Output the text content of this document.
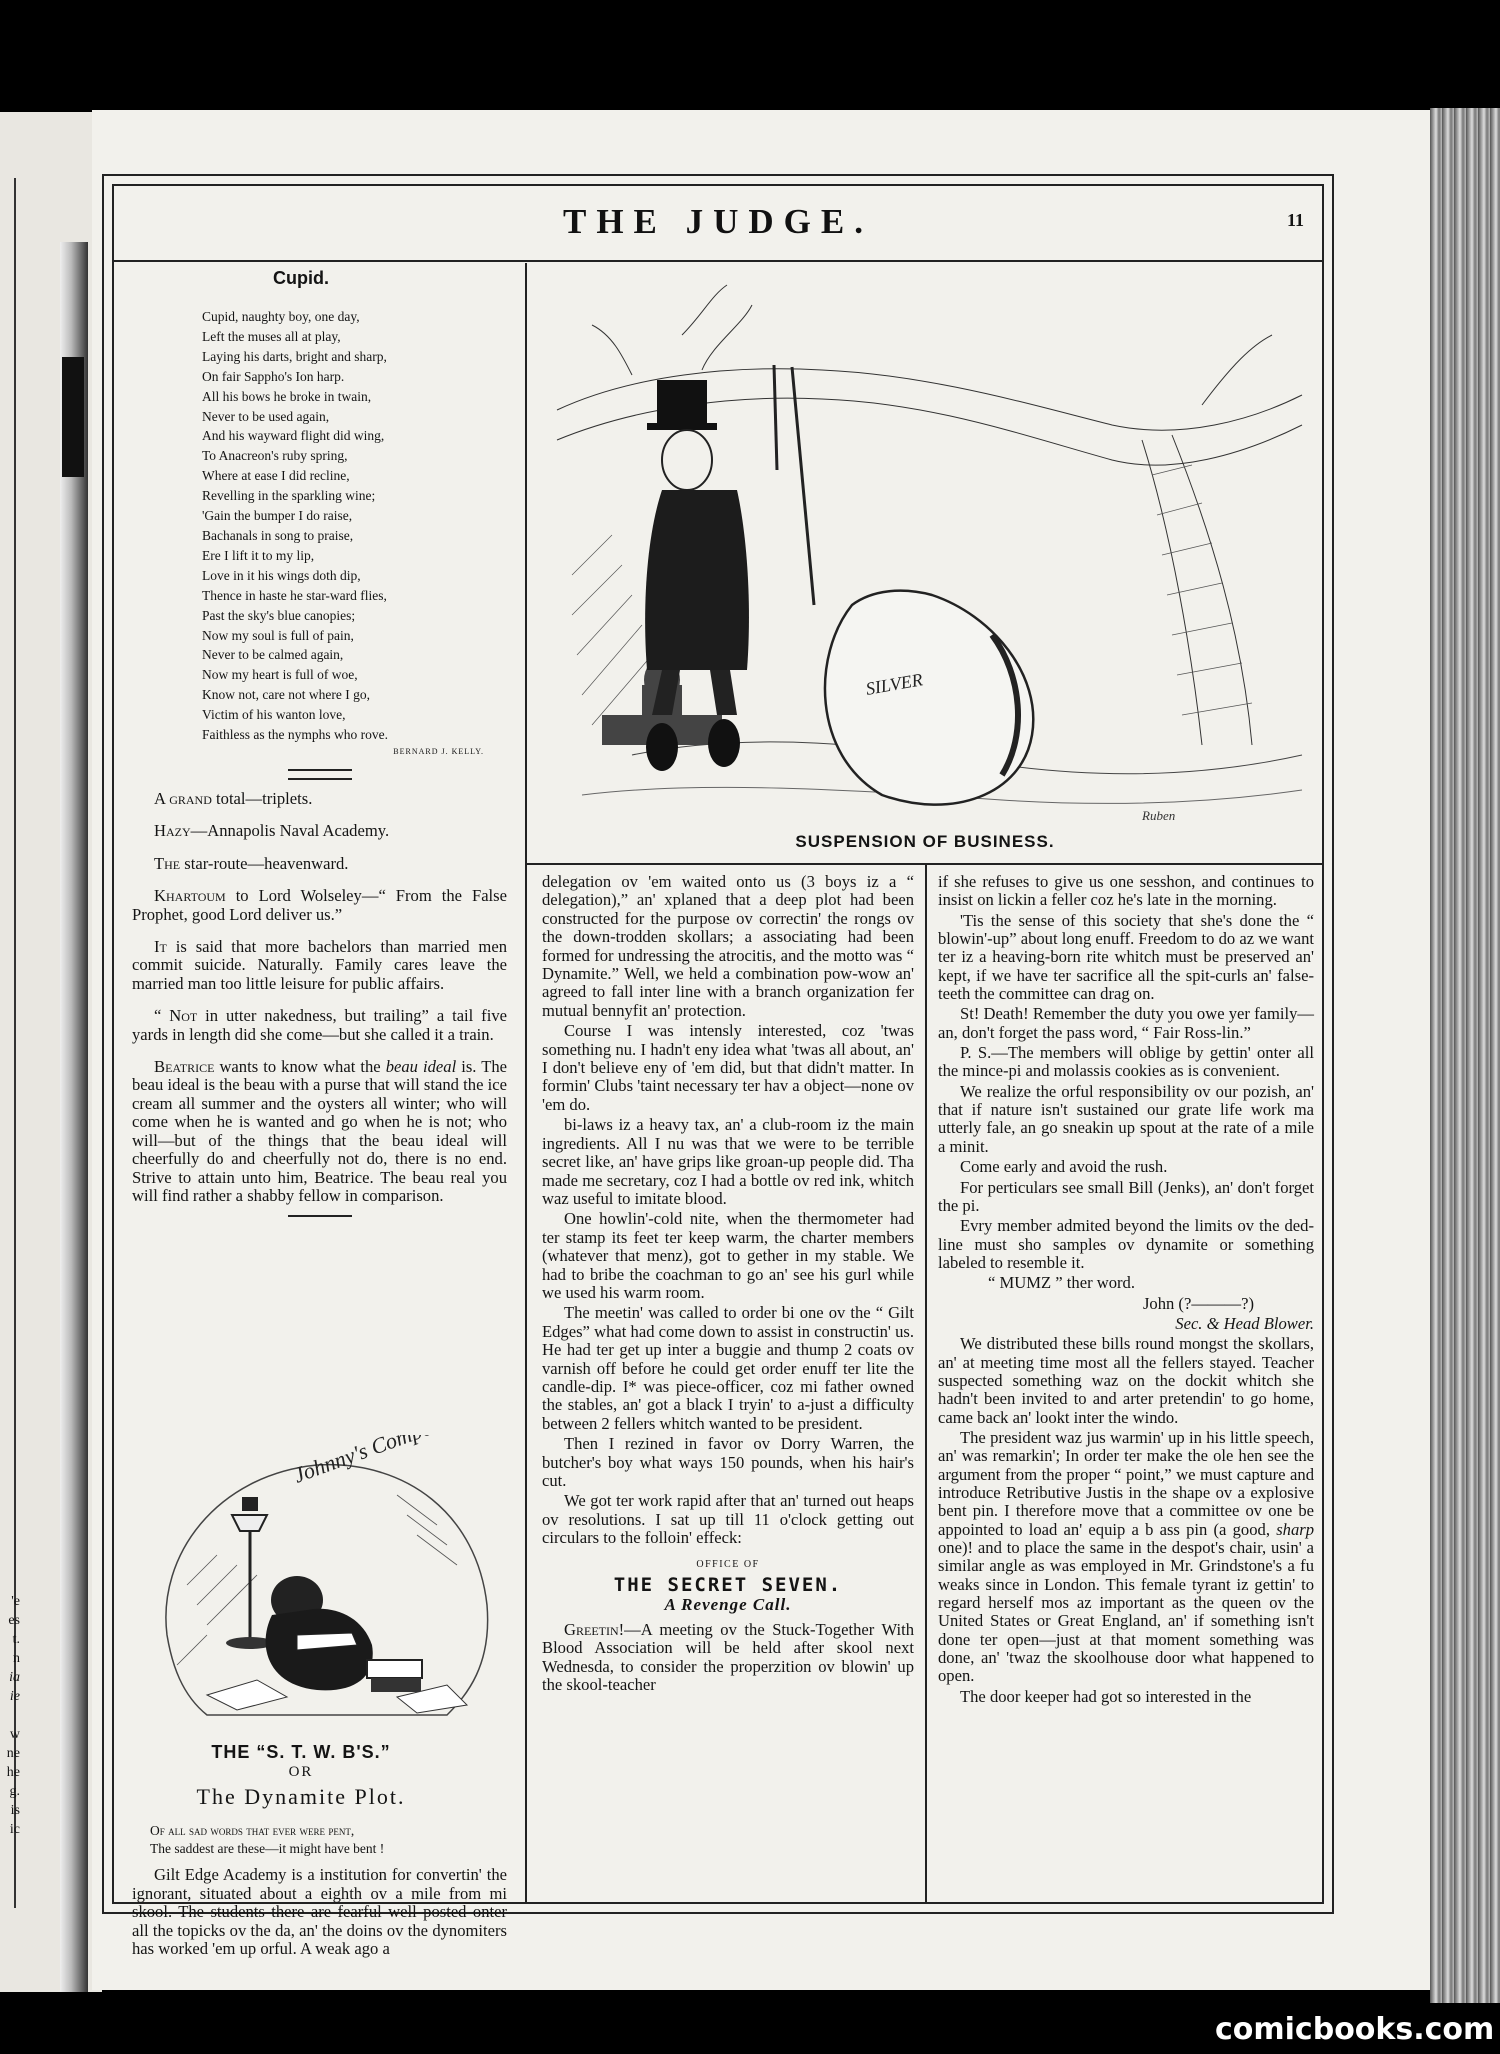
'e
es
t.
n
ia
ie

w
ne
he
g.
is
ic
THE JUDGE.	11
Cupid.
Cupid, naughty boy, one day,
Left the muses all at play,
Laying his darts, bright and sharp,
On fair Sappho's Ion harp.
All his bows he broke in twain,
Never to be used again,
And his wayward flight did wing,
To Anacreon's ruby spring,
Where at ease I did recline,
Revelling in the sparkling wine;
'Gain the bumper I do raise,
Bachanals in song to praise,
Ere I lift it to my lip,
Love in it his wings doth dip,
Thence in haste he star-ward flies,
Past the sky's blue canopies;
Now my soul is full of pain,
Never to be calmed again,
Now my heart is full of woe,
Know not, care not where I go,
Victim of his wanton love,
Faithless as the nymphs who rove.
BERNARD J. KELLY.

A grand total—triplets.

Hazy—Annapolis Naval Academy.

The star-route—heavenward.

Khartoum to Lord Wolseley—“ From the False Prophet, good Lord deliver us.”

It is said that more bachelors than married men commit suicide. Naturally. Family cares leave the married man too little leisure for public affairs.

“ Not in utter nakedness, but trailing” a tail five yards in length did she come—but she called it a train.

Beatrice wants to know what the beau ideal is. The beau ideal is the beau with a purse that will stand the ice cream all summer and the oysters all winter; who will come when he is wanted and go when he is not; who will—but of the things that the beau ideal will cheerfully do and cheerfully not do, there is no end. Strive to attain unto him, Beatrice. The beau real you will find rather a shabby fellow in comparison.

THE “S. T. W. B'S.”
OR
The Dynamite Plot.
Of all sad words that ever were pent,
The saddest are these—it might have bent !

Gilt Edge Academy is a institution for convertin' the ignorant, situated about a eighth ov a mile from mi skool. The students there are fearful well posted onter all the topicks ov the da, an' the doins ov the dynomiters has worked 'em up orful. A weak ago a

SILVER
Ruben
SUSPENSION OF BUSINESS.

delegation ov 'em waited onto us (3 boys iz a “ delegation),” an' xplaned that a deep plot had been constructed for the purpose ov correctin' the rongs ov the down-trodden skollars; a associating had been formed for undressing the atrocitis, and the motto was “ Dynamite.” Well, we held a combination pow-wow an' agreed to fall inter line with a branch organization fer mutual bennyfit an' protection.

Course I was intensly interested, coz 'twas something nu. I hadn't eny idea what 'twas all about, an' I don't believe eny of 'em did, but that didn't matter. In formin' Clubs 'taint necessary ter hav a object—none ov 'em do.

bi-laws iz a heavy tax, an' a club-room iz the main ingredients. All I nu was that we were to be terrible secret like, an' have grips like groan-up people did. Tha made me secretary, coz I had a bottle ov red ink, whitch waz useful to imitate blood.

One howlin'-cold nite, when the thermometer had ter stamp its feet ter keep warm, the charter members (whatever that menz), got to gether in my stable. We had to bribe the coachman to go an' see his gurl while we used his warm room.

The meetin' was called to order bi one ov the “ Gilt Edges” what had come down to assist in constructin' us. He had ter get up inter a buggie and thump 2 coats ov varnish off before he could get order enuff ter lite the candle-dip. I* was piece-officer, coz mi father owned the stables, an' got a black I tryin' to a-just a difficulty between 2 fellers whitch wanted to be president.

Then I rezined in favor ov Dorry Warren, the butcher's boy what ways 150 pounds, when his hair's cut.

We got ter work rapid after that an' turned out heaps ov resolutions. I sat up till 11 o'clock getting out circulars to the folloin' effeck:

OFFICE OF
THE SECRET SEVEN.
A Revenge Call.

Greetin!—A meeting ov the Stuck-Together With Blood Association will be held after skool next Wednesda, to consider the properzition ov blowin' up the skool-teacher

if she refuses to give us one sesshon, and continues to insist on lickin a feller coz he's late in the morning.

'Tis the sense of this society that she's done the “ blowin'-up” about long enuff. Freedom to do az we want ter iz a heaving-born rite whitch must be preserved an' kept, if we have ter sacrifice all the spit-curls an' false-teeth the committee can drag on.

St! Death! Remember the duty you owe yer family—an, don't forget the pass word, “ Fair Ross-lin.”

P. S.—The members will oblige by gettin' onter all the mince-pi and molassis cookies as is convenient.

We realize the orful responsibility ov our pozish, an' that if nature isn't sustained our grate life work ma utterly fale, an go sneakin up spout at the rate of a mile a minit.

Come early and avoid the rush.

For perticulars see small Bill (Jenks), an' don't forget the pi.

Evry member admited beyond the limits ov the ded-line must sho samples ov dynamite or something labeled to resemble it.

“ MUMZ ” ther word.

John (?———?)

Sec. & Head Blower.

We distributed these bills round mongst the skollars, an' at meeting time most all the fellers stayed. Teacher suspected something waz on the dockit whitch she hadn't been invited to and arter pretendin' to go home, came back an' lookt inter the windo.

The president waz jus warmin' up in his little speech, an' was remarkin'; In order ter make the ole hen see the argument from the proper “ point,” we must capture and introduce Retributive Justis in the shape ov a explosive bent pin. I therefore move that a committee ov one be appointed to load an' equip a b ass pin (a good, sharp one)! and to place the same in the despot's chair, usin' a similar angle as was employed in Mr. Grindstone's a fu weaks since in London. This female tyrant iz gettin' to regard herself mos az important as the queen ov the United States or Great England, an' if something isn't done ter open—just at that moment something was done, an' 'twaz the skoolhouse door what happened to open.

The door keeper had got so interested in the

comicbooks.com
